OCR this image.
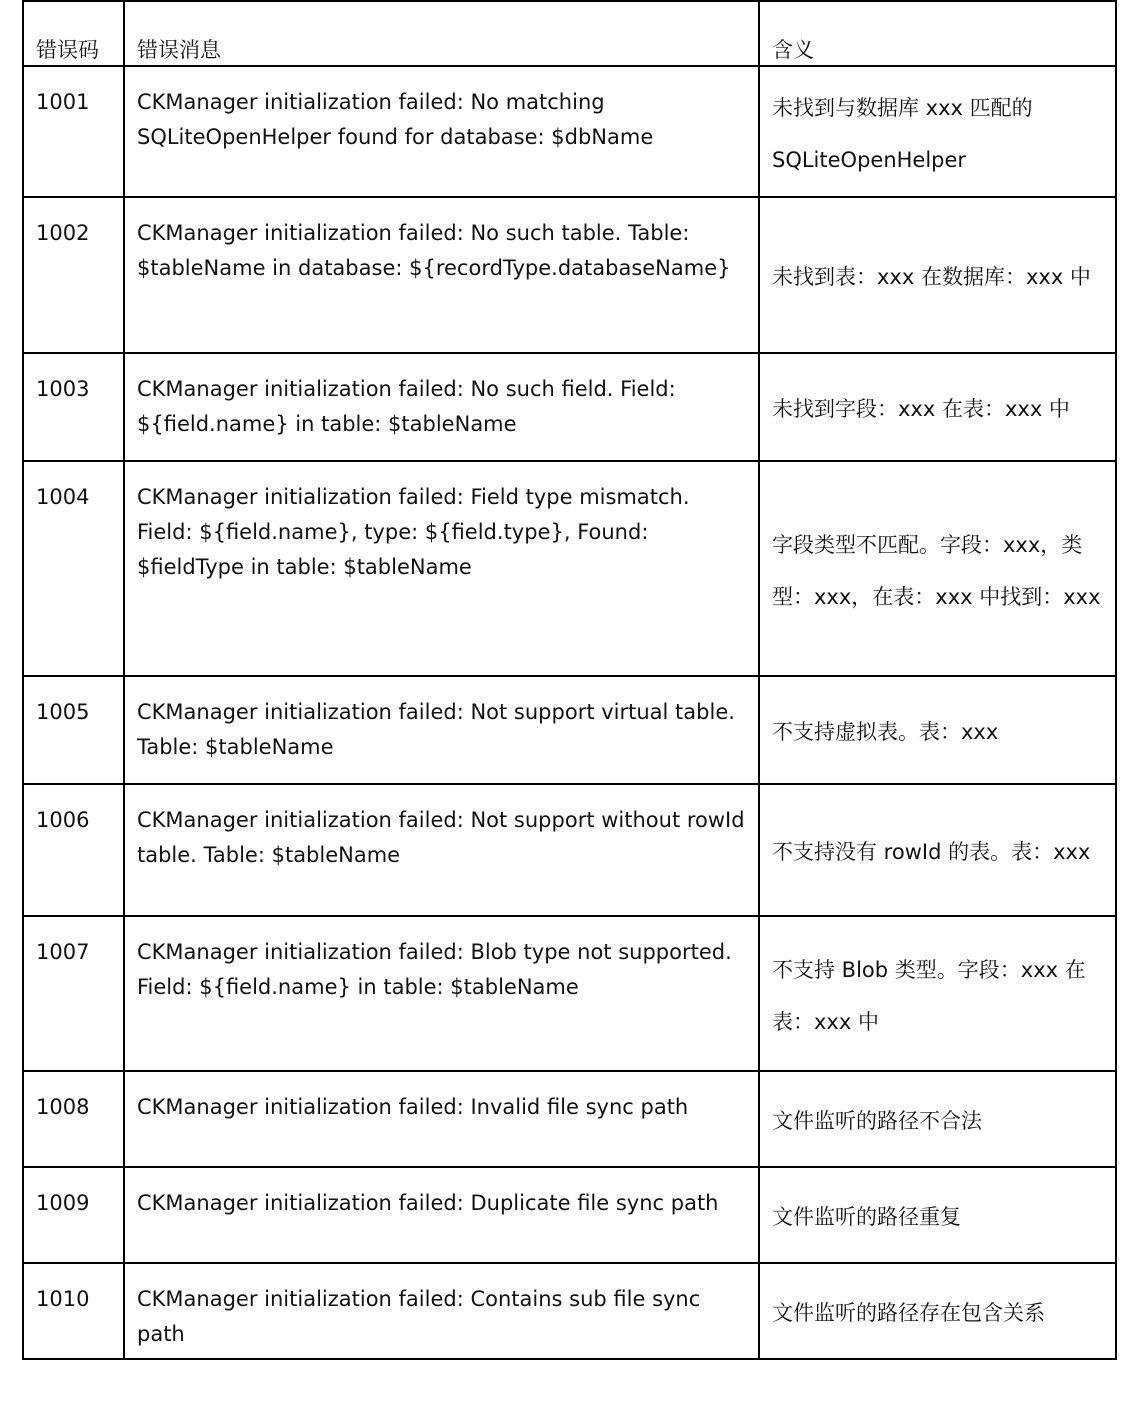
错误码	错误消息	含义
1001	CKManager initialization failed: No matching SQLiteOpenHelper found for database: $dbName	未找到与数据库 xxx 匹配的 SQLiteOpenHelper
1002	CKManager initialization failed: No such table. Table: $tableName in database: ${recordType.databaseName}	未找到表：xxx 在数据库：xxx 中
1003	CKManager initialization failed: No such field. Field: ${field.name} in table: $tableName	未找到字段：xxx 在表：xxx 中
1004	CKManager initialization failed: Field type mismatch. Field: ${field.name}, type: ${field.type}, Found: $fieldType in table: $tableName	字段类型不匹配。字段：xxx，类型：xxx，在表：xxx 中找到：xxx
1005	CKManager initialization failed: Not support virtual table. Table: $tableName	不支持虚拟表。表：xxx
1006	CKManager initialization failed: Not support without rowId table. Table: $tableName	不支持没有 rowId 的表。表：xxx
1007	CKManager initialization failed: Blob type not supported. Field: ${field.name} in table: $tableName	不支持 Blob 类型。字段：xxx 在表：xxx 中
1008	CKManager initialization failed: Invalid file sync path	文件监听的路径不合法
1009	CKManager initialization failed: Duplicate file sync path	文件监听的路径重复
1010	CKManager initialization failed: Contains sub file sync path	文件监听的路径存在包含关系
